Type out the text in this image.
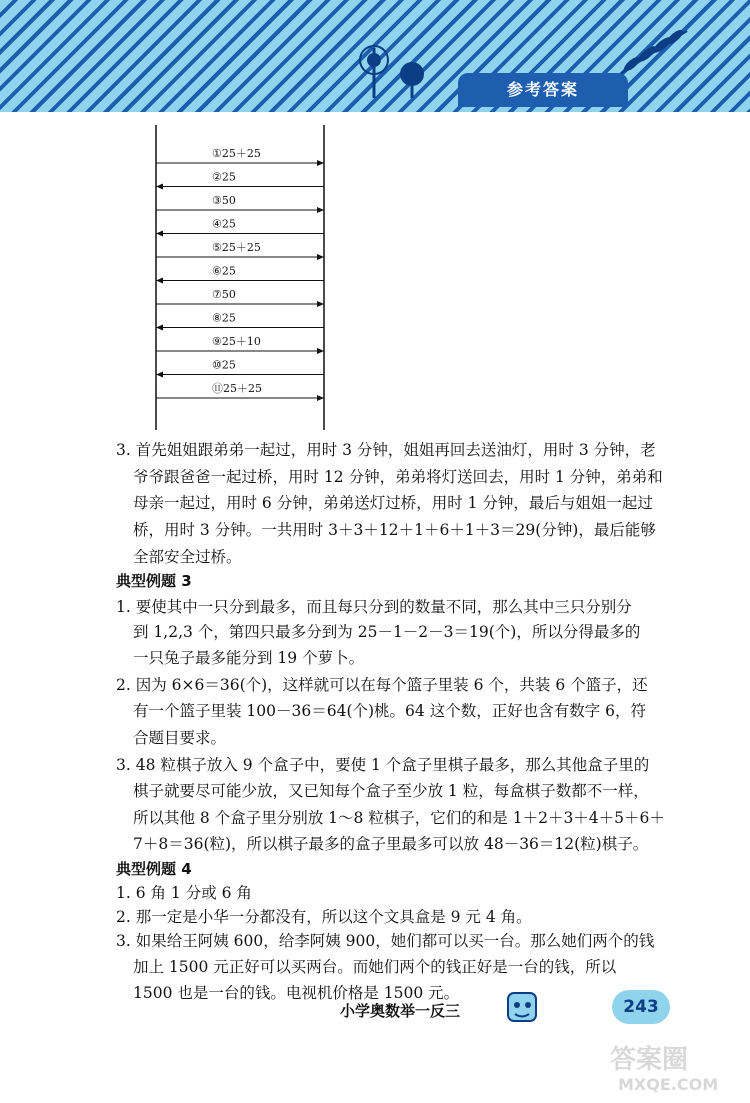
参考答案
①25＋25
②25
③50
④25
⑤25＋25
⑥25
⑦50
⑧25
⑨25＋10
⑩25
⑪25＋25
3. 首先姐姐跟弟弟一起过，用时 3 分钟，姐姐再回去送油灯，用时 3 分钟，老
爷爷跟爸爸一起过桥，用时 12 分钟，弟弟将灯送回去，用时 1 分钟，弟弟和
母亲一起过，用时 6 分钟，弟弟送灯过桥，用时 1 分钟，最后与姐姐一起过
桥，用时 3 分钟。一共用时 3＋3＋12＋1＋6＋1＋3＝29(分钟)，最后能够
全部安全过桥。
典型例题 3
1. 要使其中一只分到最多，而且每只分到的数量不同，那么其中三只分别分
到 1,2,3 个，第四只最多分到为 25－1－2－3＝19(个)，所以分得最多的
一只兔子最多能分到 19 个萝卜。
2. 因为 6×6＝36(个)，这样就可以在每个篮子里装 6 个，共装 6 个篮子，还
有一个篮子里装 100－36＝64(个)桃。64 这个数，正好也含有数字 6，符
合题目要求。
3. 48 粒棋子放入 9 个盒子中，要使 1 个盒子里棋子最多，那么其他盒子里的
棋子就要尽可能少放，又已知每个盒子至少放 1 粒，每盒棋子数都不一样，
所以其他 8 个盒子里分别放 1～8 粒棋子，它们的和是 1＋2＋3＋4＋5＋6＋
7＋8＝36(粒)，所以棋子最多的盒子里最多可以放 48－36＝12(粒)棋子。
典型例题 4
1. 6 角 1 分或 6 角
2. 那一定是小华一分都没有，所以这个文具盒是 9 元 4 角。
3. 如果给王阿姨 600，给李阿姨 900，她们都可以买一台。那么她们两个的钱
加上 1500 元正好可以买两台。而她们两个的钱正好是一台的钱，所以
1500 也是一台的钱。电视机价格是 1500 元。
小学奥数举一反三	243
答案圈
MXQE.COM
